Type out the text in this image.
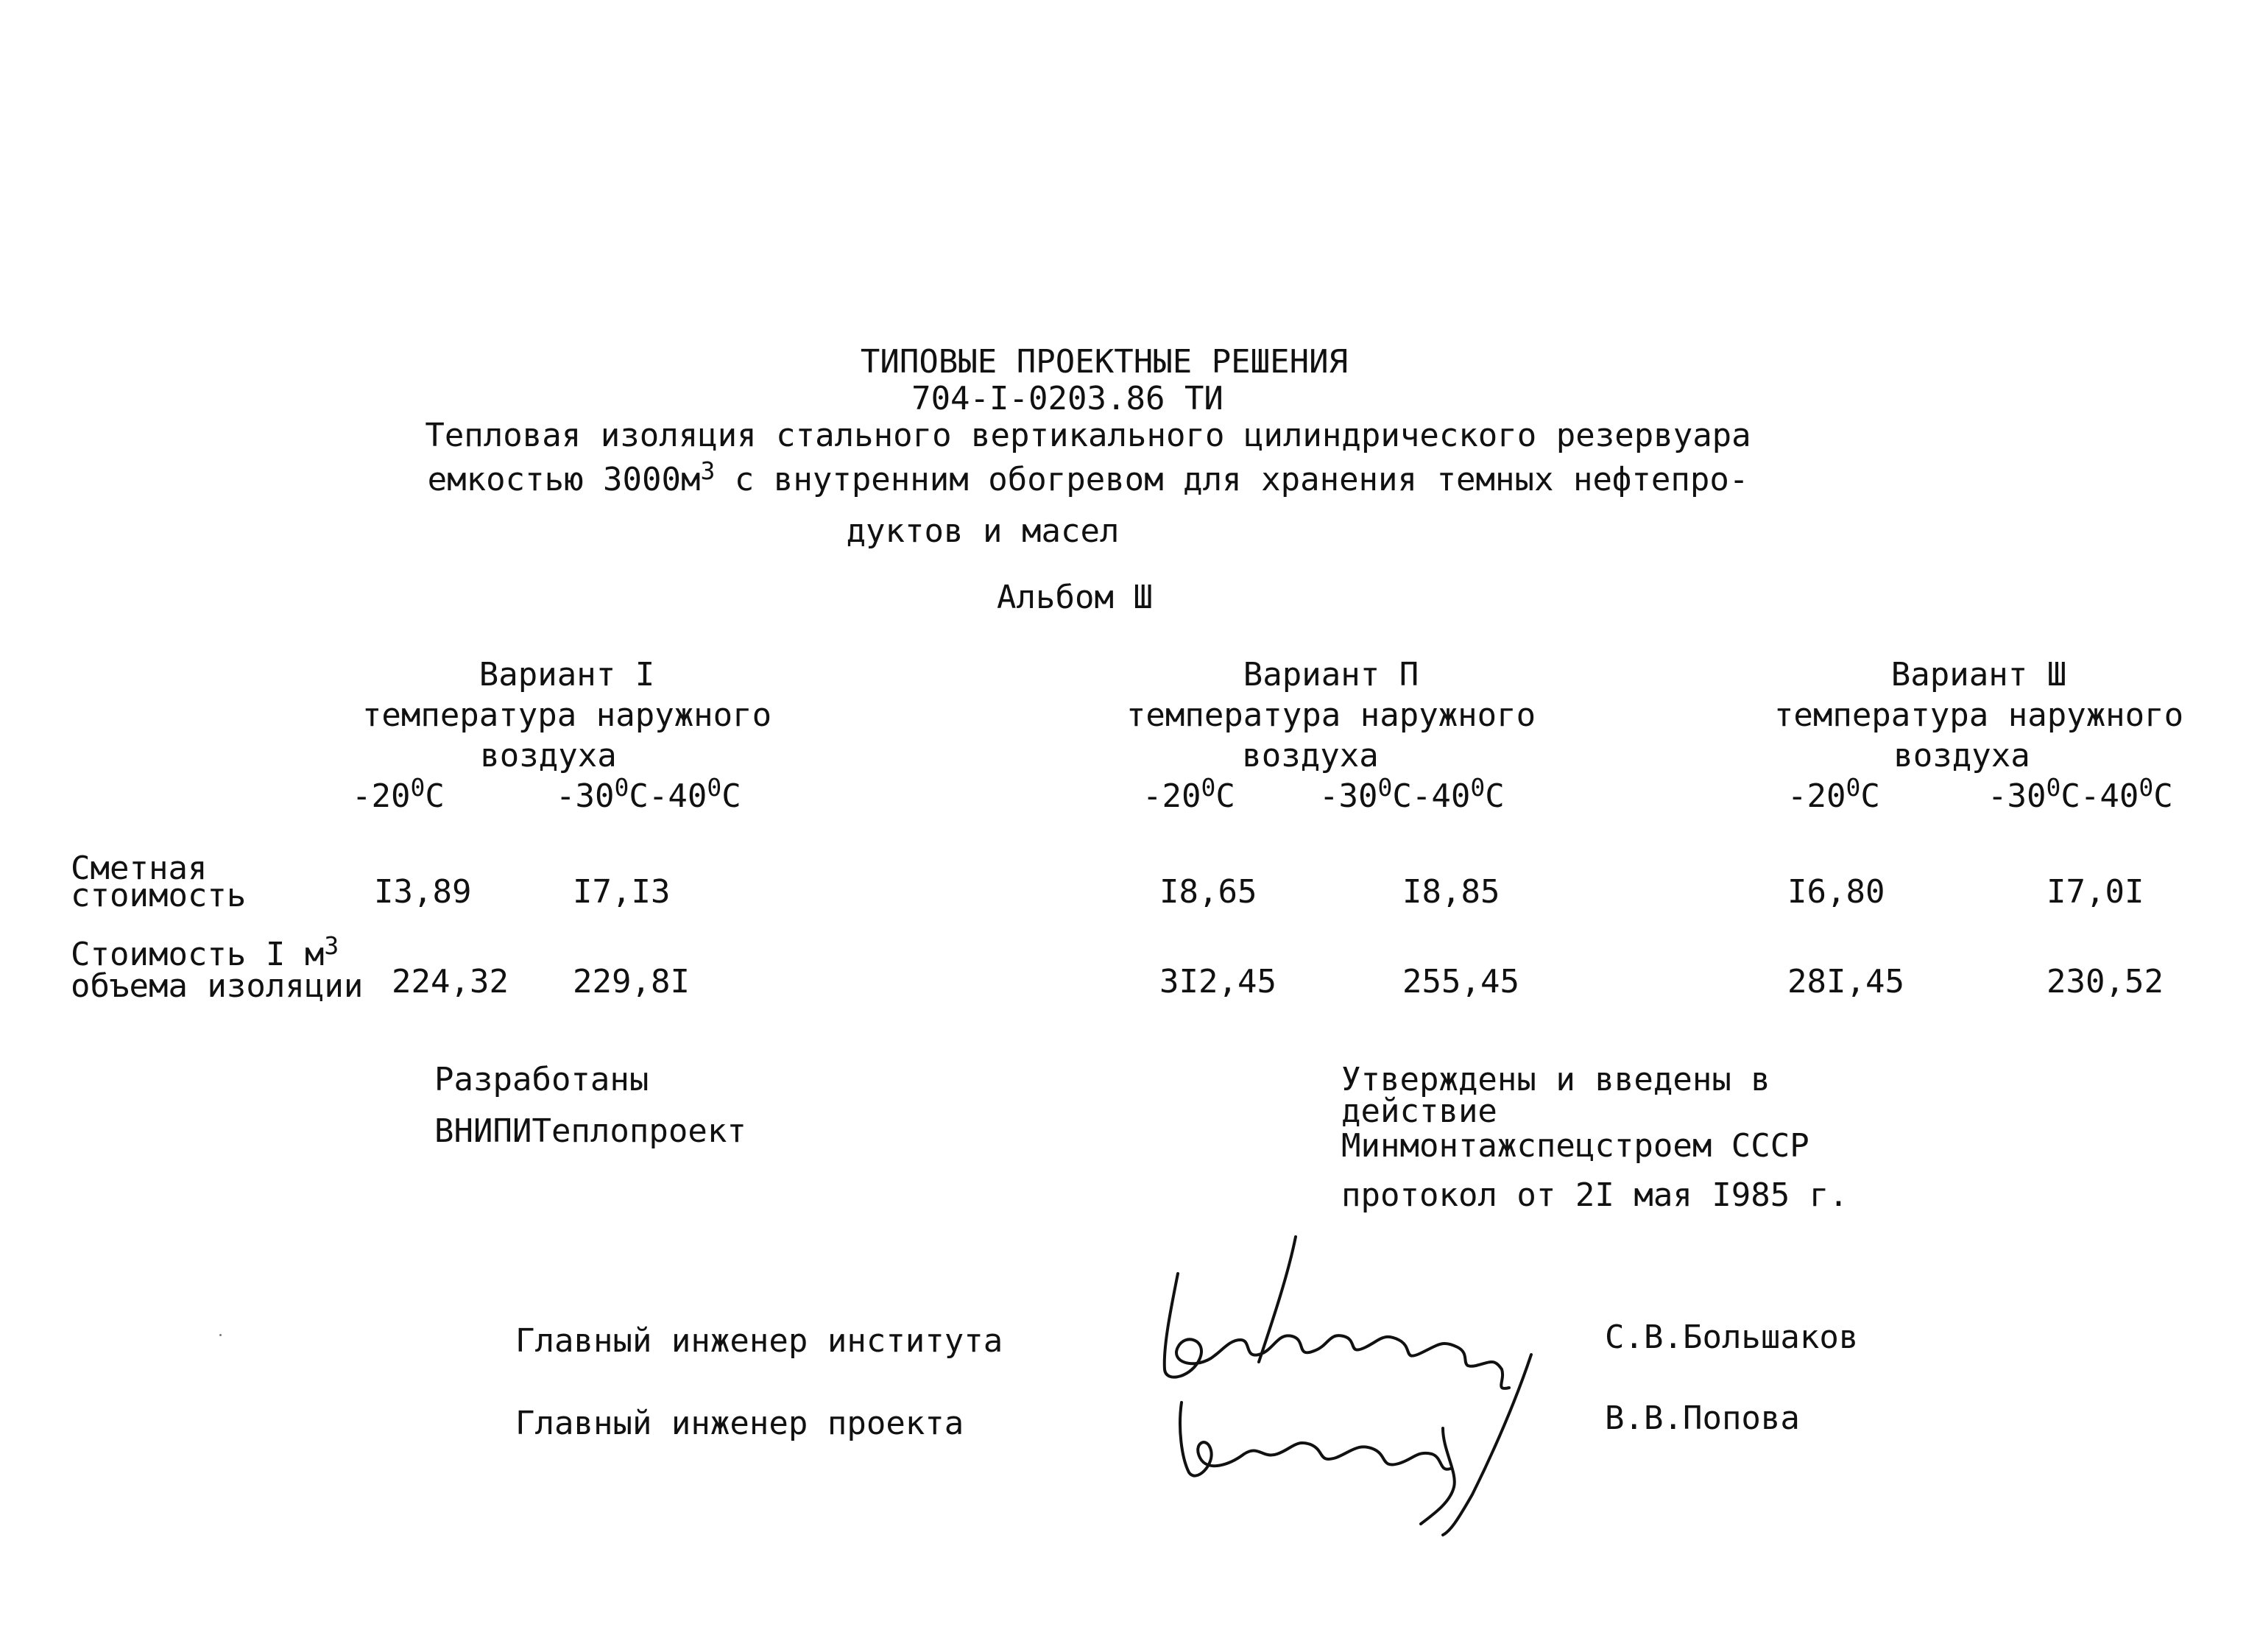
ТИПОВЫЕ ПРОЕКТНЫЕ РЕШЕНИЯ
704-I-0203.86 ТИ
Тепловая изоляция стального вертикального цилиндрического резервуара
емкостью $3000м^3$ с внутренним обогревом для хранения темных нефтепро-
дуктов и масел
Альбом Ш
Вариант I
температура наружного
воздуха
$-20^0С$	$-30^0С-40^0С$
Вариант П
температура наружного
воздуха
$-20^0С$	$-30^0С-40^0С$
Вариант Ш
температура наружного
воздуха
$-20^0С$	$-30^0С-40^0С$
Сметная
стоимость	I3,89	I7,I3	I8,65	I8,85	I6,80	I7,0I
Стоимость I $м^3$
объема изоляции 224,32 229,8I	3I2,45	255,45	28I,45	230,52
Разработаны
ВНИПИТеплопроект
Утверждены и введены в
действие
Минмонтажспецстроем СССР
протокол от 2I мая I985 г.
Главный инженер института	С.В.Большаков
Главный инженер проекта	В.В.Попова
